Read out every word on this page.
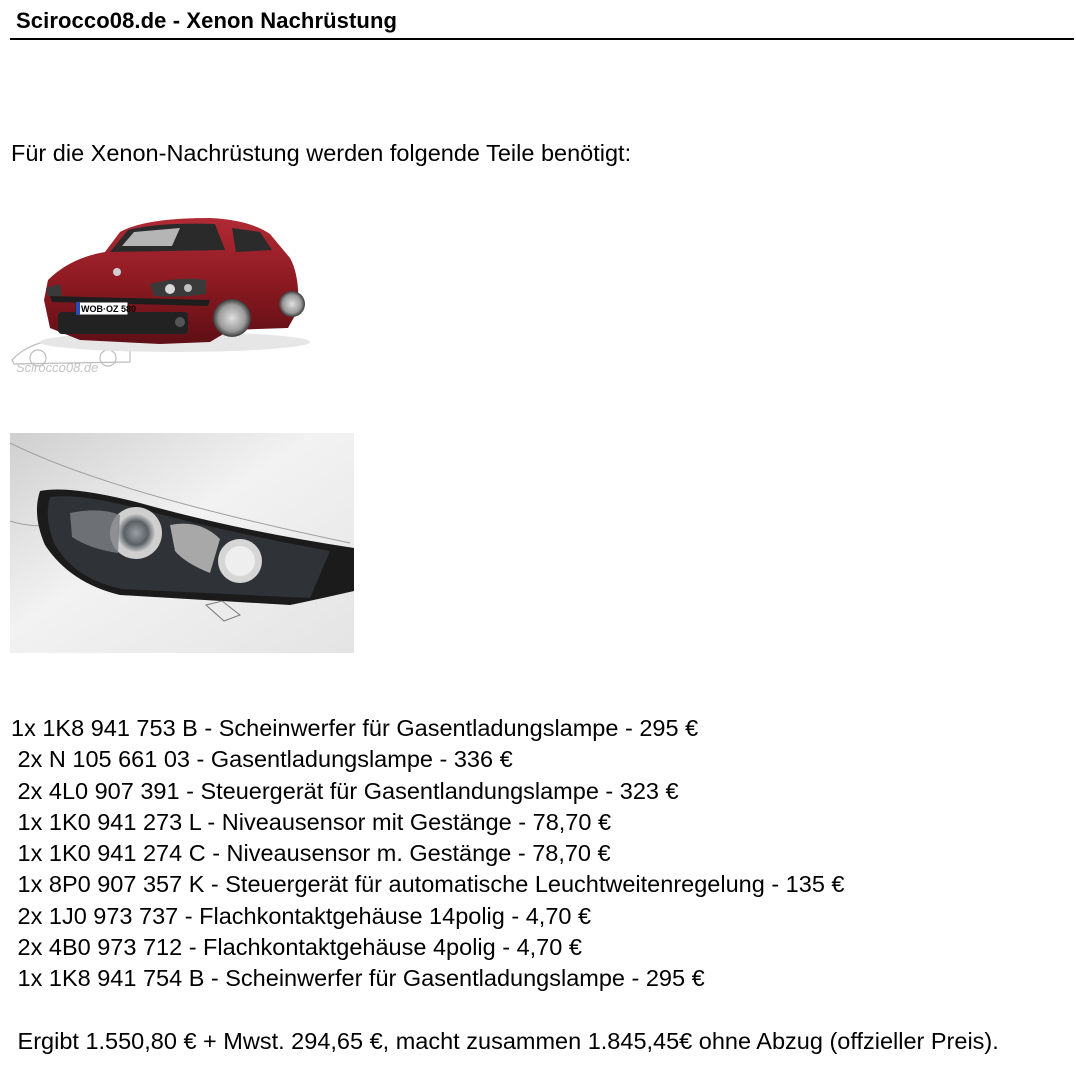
Scirocco08.de - Xenon Nachrüstung
Für die Xenon-Nachrüstung werden folgende Teile benötigt:
Scirocco08.de
WOB·OZ 580
1x 1K8 941 753 B - Scheinwerfer für Gasentladungslampe - 295 €
2x N 105 661 03 - Gasentladungslampe - 336 €
2x 4L0 907 391 - Steuergerät für Gasentlandungslampe - 323 €
1x 1K0 941 273 L - Niveausensor mit Gestänge - 78,70 €
1x 1K0 941 274 C - Niveausensor m. Gestänge - 78,70 €
1x 8P0 907 357 K - Steuergerät für automatische Leuchtweitenregelung - 135 €
2x 1J0 973 737 - Flachkontaktgehäuse 14polig - 4,70 €
2x 4B0 973 712 - Flachkontaktgehäuse 4polig - 4,70 €
1x 1K8 941 754 B - Scheinwerfer für Gasentladungslampe - 295 €
Ergibt 1.550,80 € + Mwst. 294,65 €, macht zusammen 1.845,45€ ohne Abzug (offzieller Preis).
